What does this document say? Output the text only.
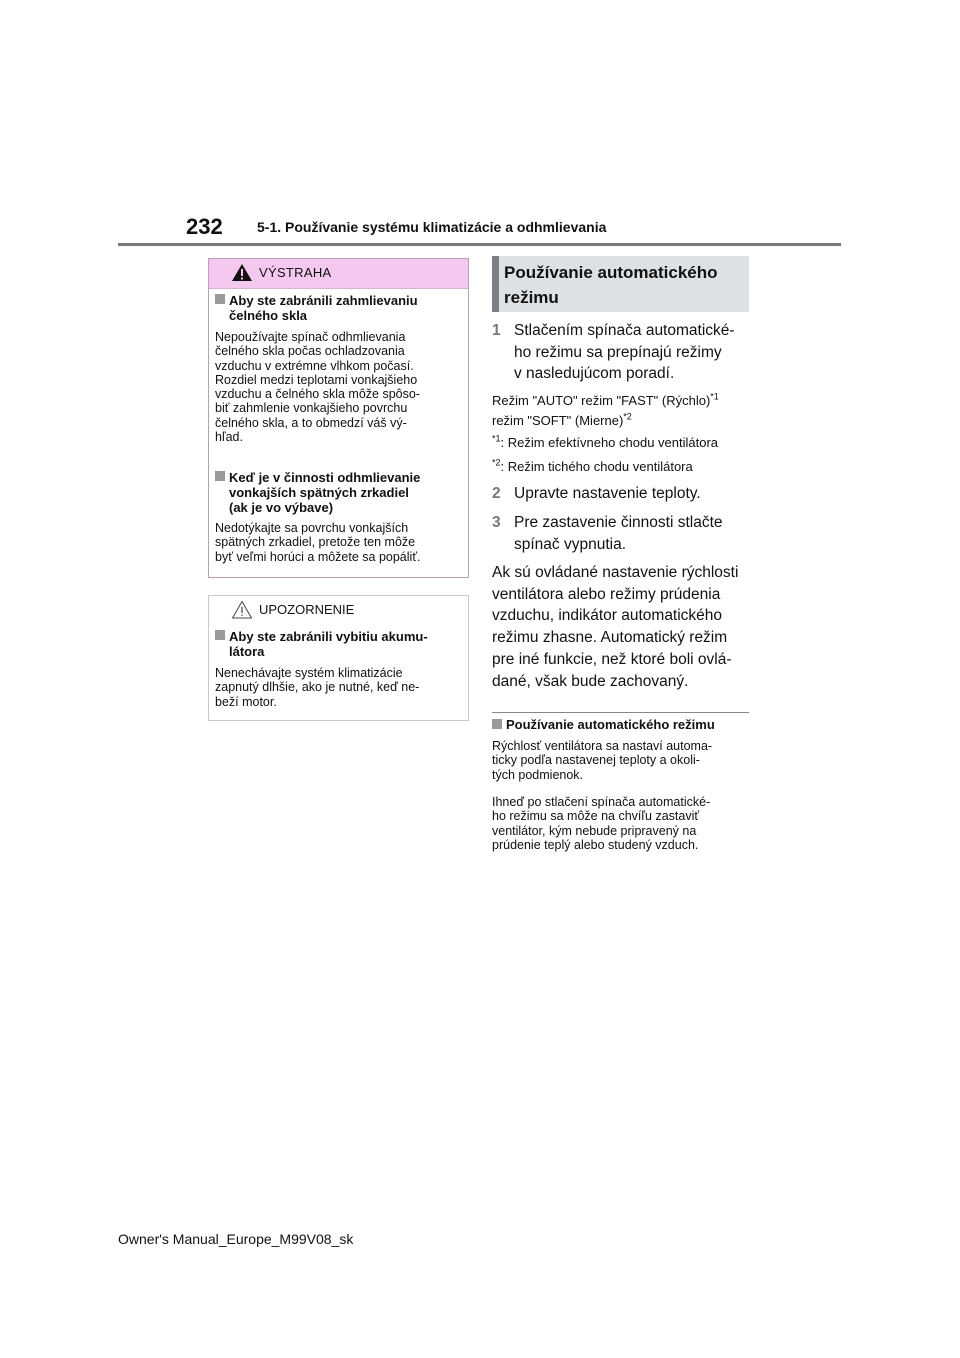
232 5-1. Používanie systému klimatizácie a odhmlievania
VÝSTRAHA
Aby ste zabránili zahmlievaniu
čelného skla
Nepoužívajte spínač odhmlievania
čelného skla počas ochladzovania
vzduchu v extrémne vlhkom počasí.
Rozdiel medzi teplotami vonkajšieho
vzduchu a čelného skla môže spôso-
biť zahmlenie vonkajšieho povrchu
čelného skla, a to obmedzí váš vý-
hľad.
Keď je v činnosti odhmlievanie
vonkajších spätných zrkadiel
(ak je vo výbave)
Nedotýkajte sa povrchu vonkajších
spätných zrkadiel, pretože ten môže
byť veľmi horúci a môžete sa popáliť.
UPOZORNENIE
Aby ste zabránili vybitiu akumu-
látora
Nenechávajte systém klimatizácie
zapnutý dlhšie, ako je nutné, keď ne-
beží motor.
Používanie automatického
režimu
1 Stlačením spínača automatické-
ho režimu sa prepínajú režimy
v nasledujúcom poradí.
Režim "AUTO" režim "FAST" (Rýchlo)$^{*1}$
režim "SOFT" (Mierne)$^{*2}$
$^{*1}$: Režim efektívneho chodu ventilátora
$^{*2}$: Režim tichého chodu ventilátora
2 Upravte nastavenie teploty.
3 Pre zastavenie činnosti stlačte
spínač vypnutia.
Ak sú ovládané nastavenie rýchlosti
ventilátora alebo režimy prúdenia
vzduchu, indikátor automatického
režimu zhasne. Automatický režim
pre iné funkcie, než ktoré boli ovlá-
dané, však bude zachovaný.
Používanie automatického režimu
Rýchlosť ventilátora sa nastaví automa-
ticky podľa nastavenej teploty a okoli-
tých podmienok.
Ihneď po stlačení spínača automatické-
ho režimu sa môže na chvíľu zastaviť
ventilátor, kým nebude pripravený na
prúdenie teplý alebo studený vzduch.
Owner's Manual_Europe_M99V08_sk
